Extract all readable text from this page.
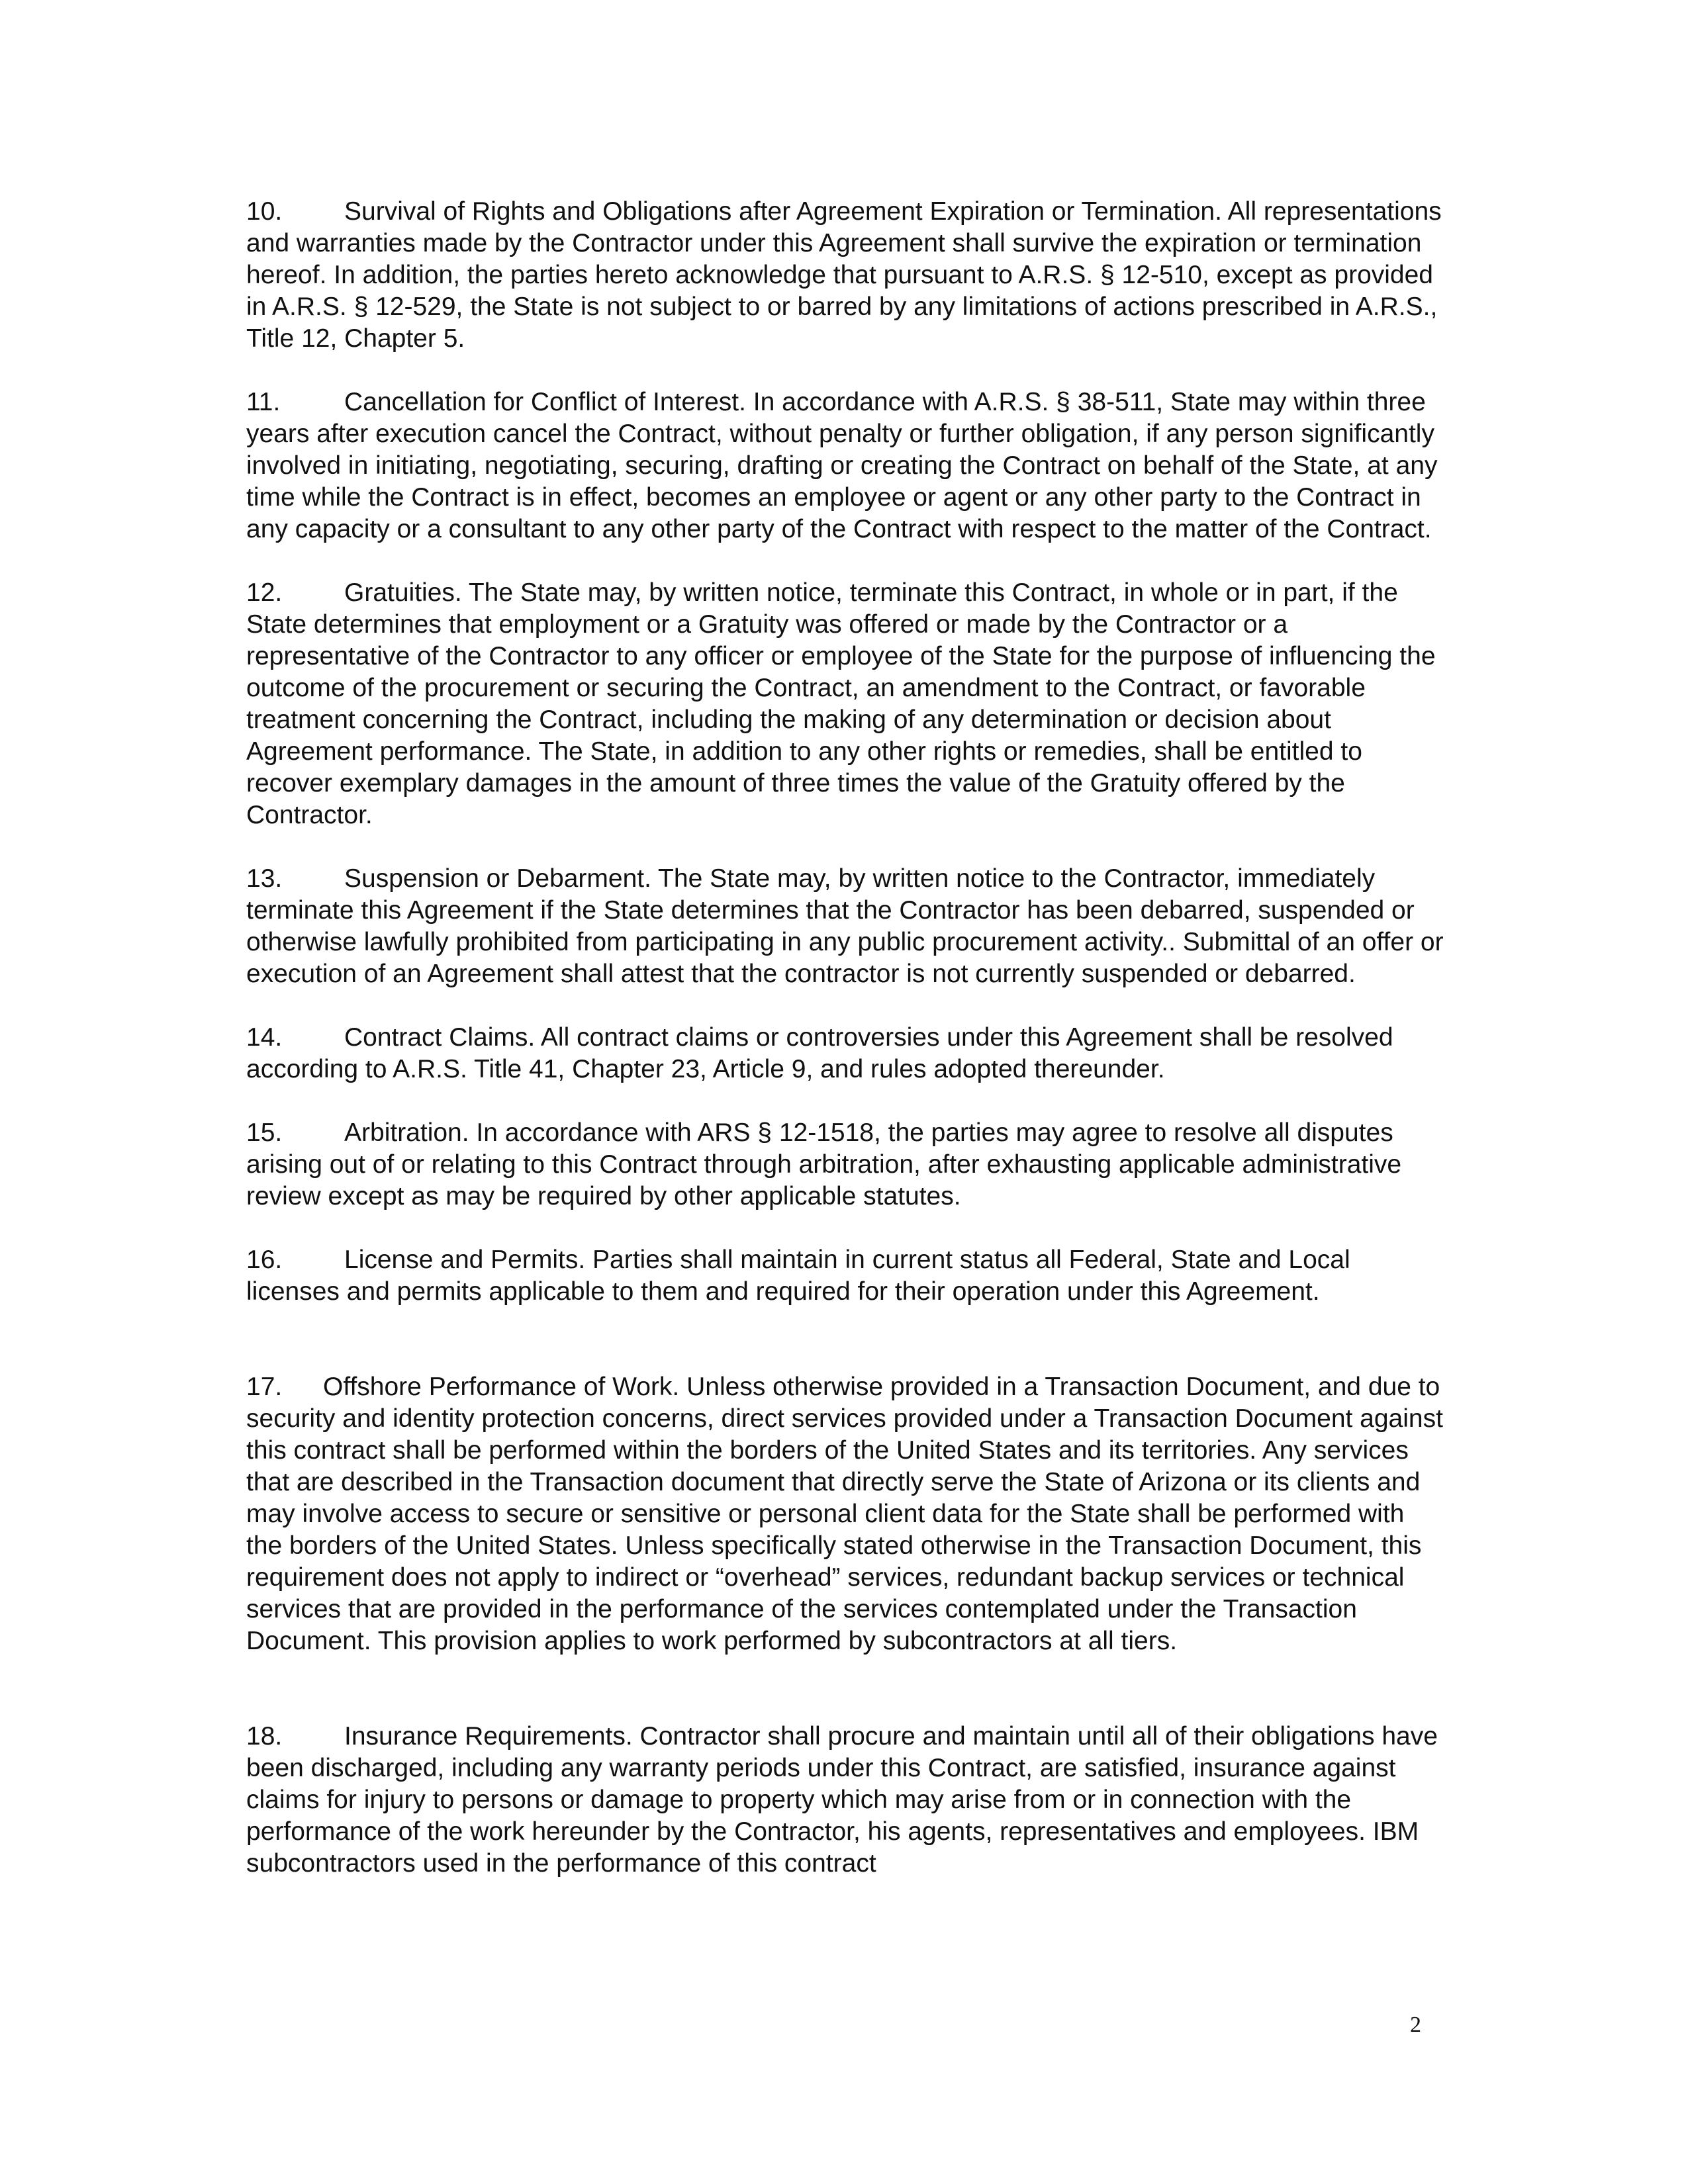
10. Survival of Rights and Obligations after Agreement Expiration or Termination. All representations and warranties made by the Contractor under this Agreement shall survive the expiration or termination hereof. In addition, the parties hereto acknowledge that pursuant to A.R.S. § 12-510, except as provided in A.R.S. § 12-529, the State is not subject to or barred by any limitations of actions prescribed in A.R.S., Title 12, Chapter 5.

11. Cancellation for Conflict of Interest. In accordance with A.R.S. § 38-511, State may within three years after execution cancel the Contract, without penalty or further obligation, if any person significantly involved in initiating, negotiating, securing, drafting or creating the Contract on behalf of the State, at any time while the Contract is in effect, becomes an employee or agent or any other party to the Contract in any capacity or a consultant to any other party of the Contract with respect to the matter of the Contract.

12. Gratuities. The State may, by written notice, terminate this Contract, in whole or in part, if the State determines that employment or a Gratuity was offered or made by the Contractor or a representative of the Contractor to any officer or employee of the State for the purpose of influencing the outcome of the procurement or securing the Contract, an amendment to the Contract, or favorable treatment concerning the Contract, including the making of any determination or decision about Agreement performance. The State, in addition to any other rights or remedies, shall be entitled to recover exemplary damages in the amount of three times the value of the Gratuity offered by the Contractor.

13. Suspension or Debarment. The State may, by written notice to the Contractor, immediately terminate this Agreement if the State determines that the Contractor has been debarred, suspended or otherwise lawfully prohibited from participating in any public procurement activity.. Submittal of an offer or execution of an Agreement shall attest that the contractor is not currently suspended or debarred.

14. Contract Claims. All contract claims or controversies under this Agreement shall be resolved according to A.R.S. Title 41, Chapter 23, Article 9, and rules adopted thereunder.

15. Arbitration. In accordance with ARS § 12-1518, the parties may agree to resolve all disputes arising out of or relating to this Contract through arbitration, after exhausting applicable administrative review except as may be required by other applicable statutes.

16. License and Permits. Parties shall maintain in current status all Federal, State and Local licenses and permits applicable to them and required for their operation under this Agreement.

17. Offshore Performance of Work. Unless otherwise provided in a Transaction Document, and due to security and identity protection concerns, direct services provided under a Transaction Document against this contract shall be performed within the borders of the United States and its territories. Any services that are described in the Transaction document that directly serve the State of Arizona or its clients and may involve access to secure or sensitive or personal client data for the State shall be performed with the borders of the United States. Unless specifically stated otherwise in the Transaction Document, this requirement does not apply to indirect or “overhead” services, redundant backup services or technical services that are provided in the performance of the services contemplated under the Transaction Document. This provision applies to work performed by subcontractors at all tiers.

18. Insurance Requirements. Contractor shall procure and maintain until all of their obligations have been discharged, including any warranty periods under this Contract, are satisfied, insurance against claims for injury to persons or damage to property which may arise from or in connection with the performance of the work hereunder by the Contractor, his agents, representatives and employees. IBM subcontractors used in the performance of this contract

2
